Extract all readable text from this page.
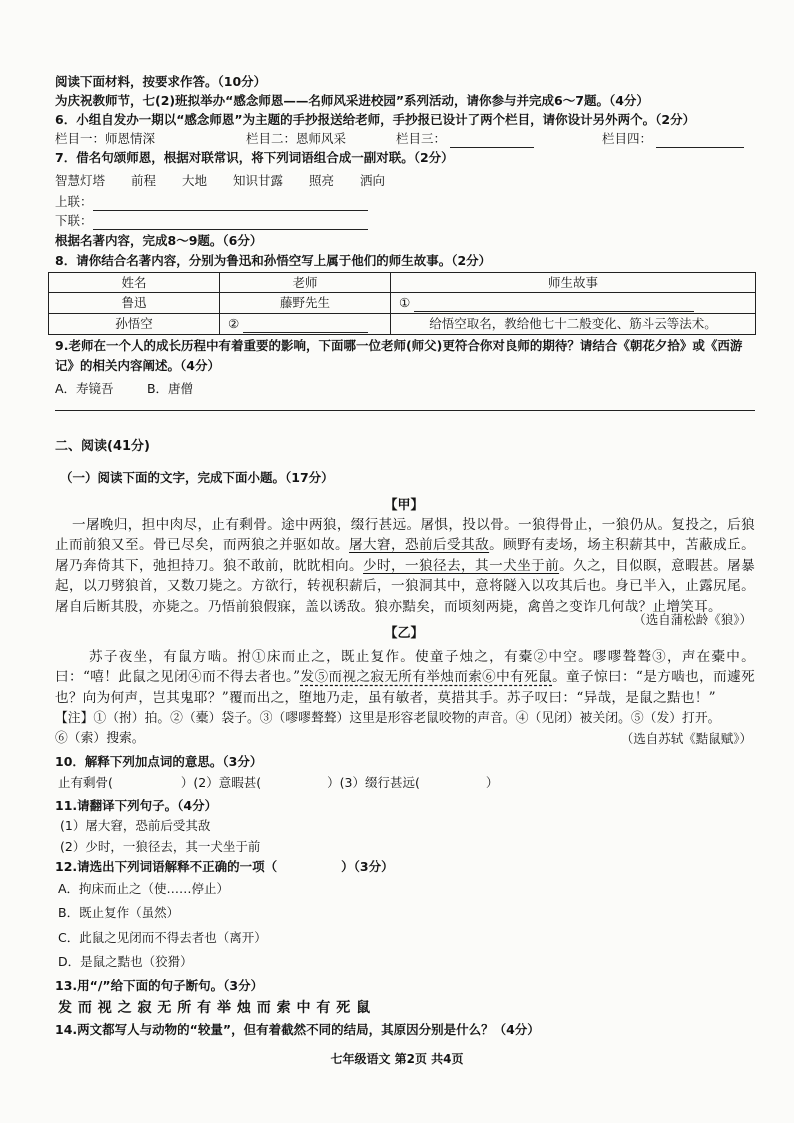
阅读下面材料，按要求作答。（10分）
为庆祝教师节，七(2)班拟举办“感念师恩——名师风采进校园”系列活动，请你参与并完成6～7题。（4分）
6．小组自发办一期以“感念师恩”为主题的手抄报送给老师，手抄报已设计了两个栏目，请你设计另外两个。（2分）
栏目一：师恩情深	栏目二：恩师风采	栏目三：	栏目四：
7．借名句颂师恩，根据对联常识，将下列词语组合成一副对联。（2分）
智慧灯塔 前程 大地 知识甘露 照亮 洒向
上联：
下联：
根据名著内容，完成8～9题。（6分）
8．请你结合名著内容，分别为鲁迅和孙悟空写上属于他们的师生故事。（2分）
姓名	老师	师生故事
鲁迅	藤野先生	①
孙悟空	②	给悟空取名，教给他七十二般变化、筋斗云等法术。
9.老师在一个人的成长历程中有着重要的影响，下面哪一位老师(师父)更符合你对良师的期待？请结合《朝花夕拾》或《西游记》的相关内容阐述。（4分）
A．寿镜吾	B．唐僧
二、阅读(41分)
（一）阅读下面的文字，完成下面小题。（17分）
【甲】
一屠晚归，担中肉尽，止有剩骨。途中两狼，缀行甚远。屠惧，投以骨。一狼得骨止，一狼仍从。复投之，后狼止而前狼又至。骨已尽矣，而两狼之并驱如故。屠大窘，恐前后受其敌。顾野有麦场，场主积薪其中，苫蔽成丘。屠乃奔倚其下，弛担持刀。狼不敢前，眈眈相向。少时，一狼径去，其一犬坐于前。久之，目似瞑，意暇甚。屠暴起，以刀劈狼首，又数刀毙之。方欲行，转视积薪后，一狼洞其中，意将隧入以攻其后也。身已半入，止露尻尾。屠自后断其股，亦毙之。乃悟前狼假寐，盖以诱敌。狼亦黠矣，而顷刻两毙，禽兽之变诈几何哉？止增笑耳。
（选自蒲松龄《狼》）
【乙】
苏子夜坐，有鼠方啮。拊①床而止之，既止复作。使童子烛之，有橐②中空。嘐嘐聱聱③，声在橐中。曰：“嘻！此鼠之见闭④而不得去者也。”发⑤而视之寂无所有举烛而索⑥中有死鼠。童子惊曰：“是方啮也，而遽死也？向为何声，岂其鬼耶？”覆而出之，堕地乃走，虽有敏者，莫措其手。苏子叹曰：“异哉，是鼠之黠也！”
【注】①（拊）拍。②（橐）袋子。③（嘐嘐聱聱）这里是形容老鼠咬物的声音。④（见闭）被关闭。⑤（发）打开。
⑥（索）搜索。	（选自苏轼《黠鼠赋》）
10．解释下列加点词的意思。（3分）
止有剩骨(	）(2）意暇甚(	）(3）缀行甚远(	）
11.请翻译下列句子。（4分）
(1）屠大窘，恐前后受其敌
(2）少时，一狼径去，其一犬坐于前
12.请选出下列词语解释不正确的一项（	）（3分）
A．拘床而止之（使……停止）
B．既止复作（虽然）
C．此鼠之见闭而不得去者也（离开）
D．是鼠之黠也（狡猾）
13.用“/”给下面的句子断句。（3分）
发 而 视 之 寂 无 所 有 举 烛 而 索 中 有 死 鼠
14.两文都写人与动物的“较量”，但有着截然不同的结局，其原因分别是什么？（4分）
七年级语文 第2页 共4页
